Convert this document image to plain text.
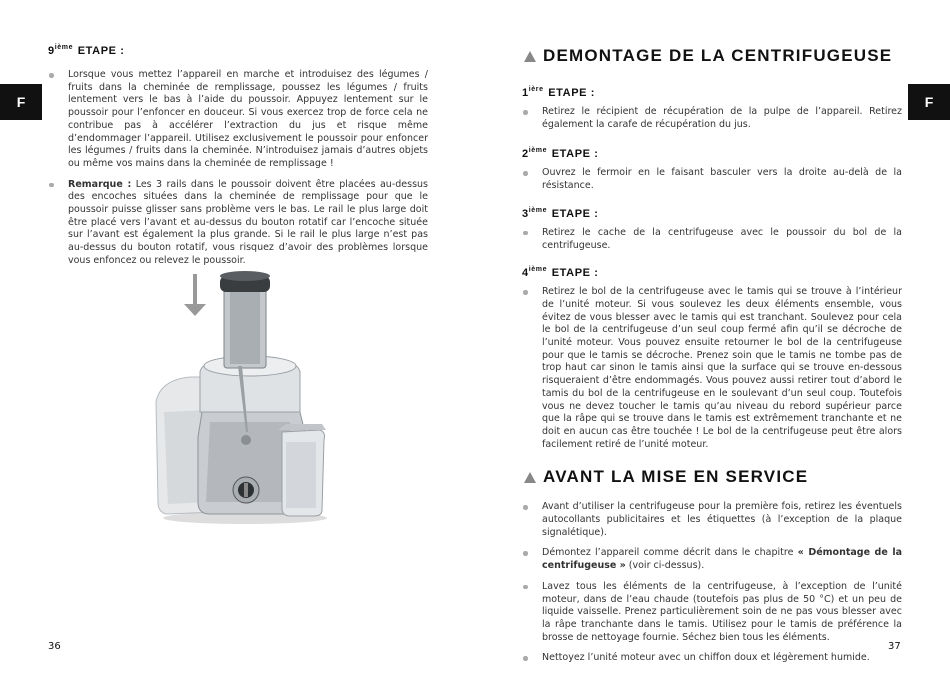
F	F
9ième ETAPE :
Lorsque vous mettez l’appareil en marche et introduisez des légumes / fruits dans la cheminée de remplissage, poussez les légumes / fruits lentement vers le bas à l’aide du poussoir. Appuyez lentement sur le poussoir pour l’enfoncer en douceur. Si vous exercez trop de force cela ne contribue pas à accélérer l’extraction du jus et risque même d’endommager l’appareil. Utilisez exclusivement le poussoir pour enfoncer les légumes / fruits dans la cheminée. N’introduisez jamais d’autres objets ou même vos mains dans la cheminée de remplissage !
Remarque : Les 3 rails dans le poussoir doivent être placées au-dessus des encoches situées dans la cheminée de remplissage pour que le poussoir puisse glisser sans problème vers le bas. Le rail le plus large doit être placé vers l’avant et au-dessus du bouton rotatif car l’encoche située sur l’avant est également la plus grande. Si le rail le plus large n’est pas au-dessus du bouton rotatif, vous risquez d’avoir des problèmes lorsque vous enfoncez ou relevez le poussoir.
DEMONTAGE DE LA CENTRIFUGEUSE
$1^{ière}$ ETAPE :
Retirez le récipient de récupération de la pulpe de l’appareil. Retirez également la carafe de récupération du jus.
2ième ETAPE :
Ouvrez le fermoir en le faisant basculer vers la droite au-delà de la résistance.
3ième ETAPE :
Retirez le cache de la centrifugeuse avec le poussoir du bol de la centrifugeuse.
4ième ETAPE :
Retirez le bol de la centrifugeuse avec le tamis qui se trouve à l’intérieur de l’unité moteur. Si vous soulevez les deux éléments ensemble, vous évitez de vous blesser avec le tamis qui est tranchant. Soulevez pour cela le bol de la centrifugeuse d’un seul coup fermé afin qu’il se décroche de l’unité moteur. Vous pouvez ensuite retourner le bol de la centrifugeuse pour que le tamis se décroche. Prenez soin que le tamis ne tombe pas de trop haut car sinon le tamis ainsi que la surface qui se trouve en-dessous risqueraient d’être endommagés. Vous pouvez aussi retirer tout d’abord le tamis du bol de la centrifugeuse en le soulevant d’un seul coup. Toutefois vous ne devez toucher le tamis qu’au niveau du rebord supérieur parce que la râpe qui se trouve dans le tamis est extrêmement tranchante et ne doit en aucun cas être touchée ! Le bol de la centrifugeuse peut être alors facilement retiré de l’unité moteur.
AVANT LA MISE EN SERVICE
Avant d’utiliser la centrifugeuse pour la première fois, retirez les éventuels autocollants publicitaires et les étiquettes (à l’exception de la plaque signalétique).
Démontez l’appareil comme décrit dans le chapitre « Démontage de la centrifugeuse » (voir ci-dessus).
Lavez tous les éléments de la centrifugeuse, à l’exception de l’unité moteur, dans de l’eau chaude (toutefois pas plus de 50 °C) et un peu de liquide vaisselle. Prenez particulièrement soin de ne pas vous blesser avec la râpe tranchante dans le tamis. Utilisez pour le tamis de préférence la brosse de nettoyage fournie. Séchez bien tous les éléments.
Nettoyez l’unité moteur avec un chiffon doux et légèrement humide.
36	37
